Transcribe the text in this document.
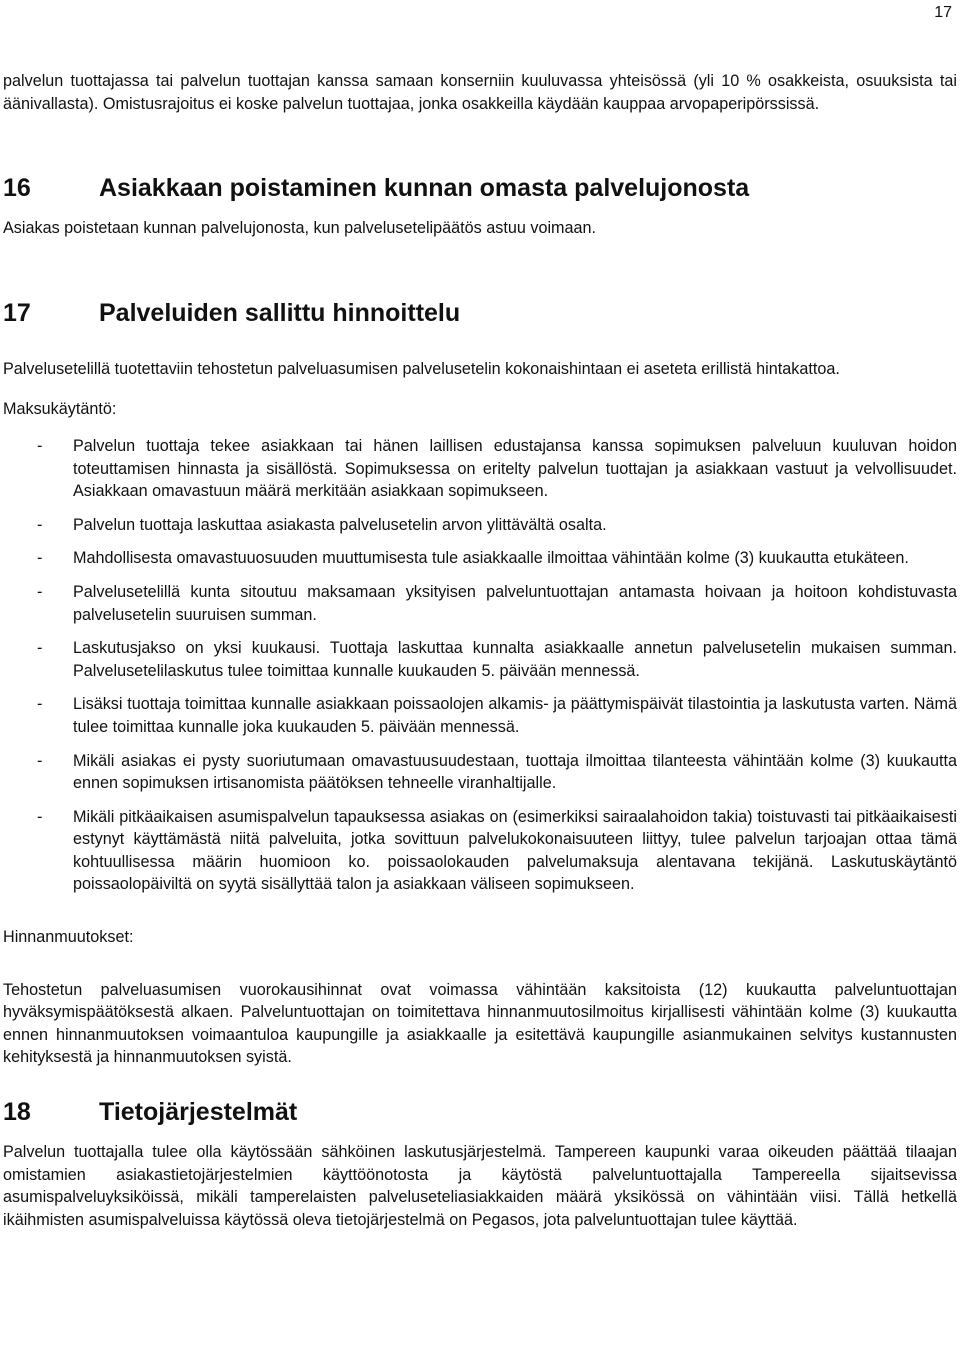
17

palvelun tuottajassa tai palvelun tuottajan kanssa samaan konserniin kuuluvassa yhteisössä (yli 10 % osakkeista, osuuksista tai äänivallasta). Omistusrajoitus ei koske palvelun tuottajaa, jonka osakkeilla käydään kauppaa arvopaperipörssissä.

16	Asiakkaan poistaminen kunnan omasta palvelujonosta

Asiakas poistetaan kunnan palvelujonosta, kun palvelusetelipäätös astuu voimaan.

17	Palveluiden sallittu hinnoittelu

Palvelusetelillä tuotettaviin tehostetun palveluasumisen palvelusetelin kokonaishintaan ei aseteta erillistä hintakattoa.

Maksukäytäntö:

- Palvelun tuottaja tekee asiakkaan tai hänen laillisen edustajansa kanssa sopimuksen palveluun kuuluvan hoidon toteuttamisen hinnasta ja sisällöstä. Sopimuksessa on eritelty palvelun tuottajan ja asiakkaan vastuut ja velvollisuudet. Asiakkaan omavastuun määrä merkitään asiakkaan sopimukseen.
- Palvelun tuottaja laskuttaa asiakasta palvelusetelin arvon ylittävältä osalta.
- Mahdollisesta omavastuuosuuden muuttumisesta tule asiakkaalle ilmoittaa vähintään kolme (3) kuukautta etukäteen.
- Palvelusetelillä kunta sitoutuu maksamaan yksityisen palveluntuottajan antamasta hoivaan ja hoitoon kohdistuvasta palvelusetelin suuruisen summan.
- Laskutusjakso on yksi kuukausi. Tuottaja laskuttaa kunnalta asiakkaalle annetun palvelusetelin mukaisen summan. Palvelusetelilaskutus tulee toimittaa kunnalle kuukauden 5. päivään mennessä.
- Lisäksi tuottaja toimittaa kunnalle asiakkaan poissaolojen alkamis- ja päättymispäivät tilastointia ja laskutusta varten. Nämä tulee toimittaa kunnalle joka kuukauden 5. päivään mennessä.
- Mikäli asiakas ei pysty suoriutumaan omavastuusuudestaan, tuottaja ilmoittaa tilanteesta vähintään kolme (3) kuukautta ennen sopimuksen irtisanomista päätöksen tehneelle viranhaltijalle.
- Mikäli pitkäaikaisen asumispalvelun tapauksessa asiakas on (esimerkiksi sairaalahoidon takia) toistuvasti tai pitkäaikaisesti estynyt käyttämästä niitä palveluita, jotka sovittuun palvelukokonaisuuteen liittyy, tulee palvelun tarjoajan ottaa tämä kohtuullisessa määrin huomioon ko. poissaolokauden palvelumaksuja alentavana tekijänä. Laskutuskäytäntö poissaolopäiviltä on syytä sisällyttää talon ja asiakkaan väliseen sopimukseen.

Hinnanmuutokset:

Tehostetun palveluasumisen vuorokausihinnat ovat voimassa vähintään kaksitoista (12) kuukautta palveluntuottajan hyväksymispäätöksestä alkaen. Palveluntuottajan on toimitettava hinnanmuutosilmoitus kirjallisesti vähintään kolme (3) kuukautta ennen hinnanmuutoksen voimaantuloa kaupungille ja asiakkaalle ja esitettävä kaupungille asianmukainen selvitys kustannusten kehityksestä ja hinnanmuutoksen syistä.

18	Tietojärjestelmät

Palvelun tuottajalla tulee olla käytössään sähköinen laskutusjärjestelmä. Tampereen kaupunki varaa oikeuden päättää tilaajan omistamien asiakastietojärjestelmien käyttöönotosta ja käytöstä palveluntuottajalla Tampereella sijaitsevissa asumispalveluyksiköissä, mikäli tamperelaisten palveluseteliasiakkaiden määrä yksikössä on vähintään viisi. Tällä hetkellä ikäihmisten asumispalveluissa käytössä oleva tietojärjestelmä on Pegasos, jota palveluntuottajan tulee käyttää.
